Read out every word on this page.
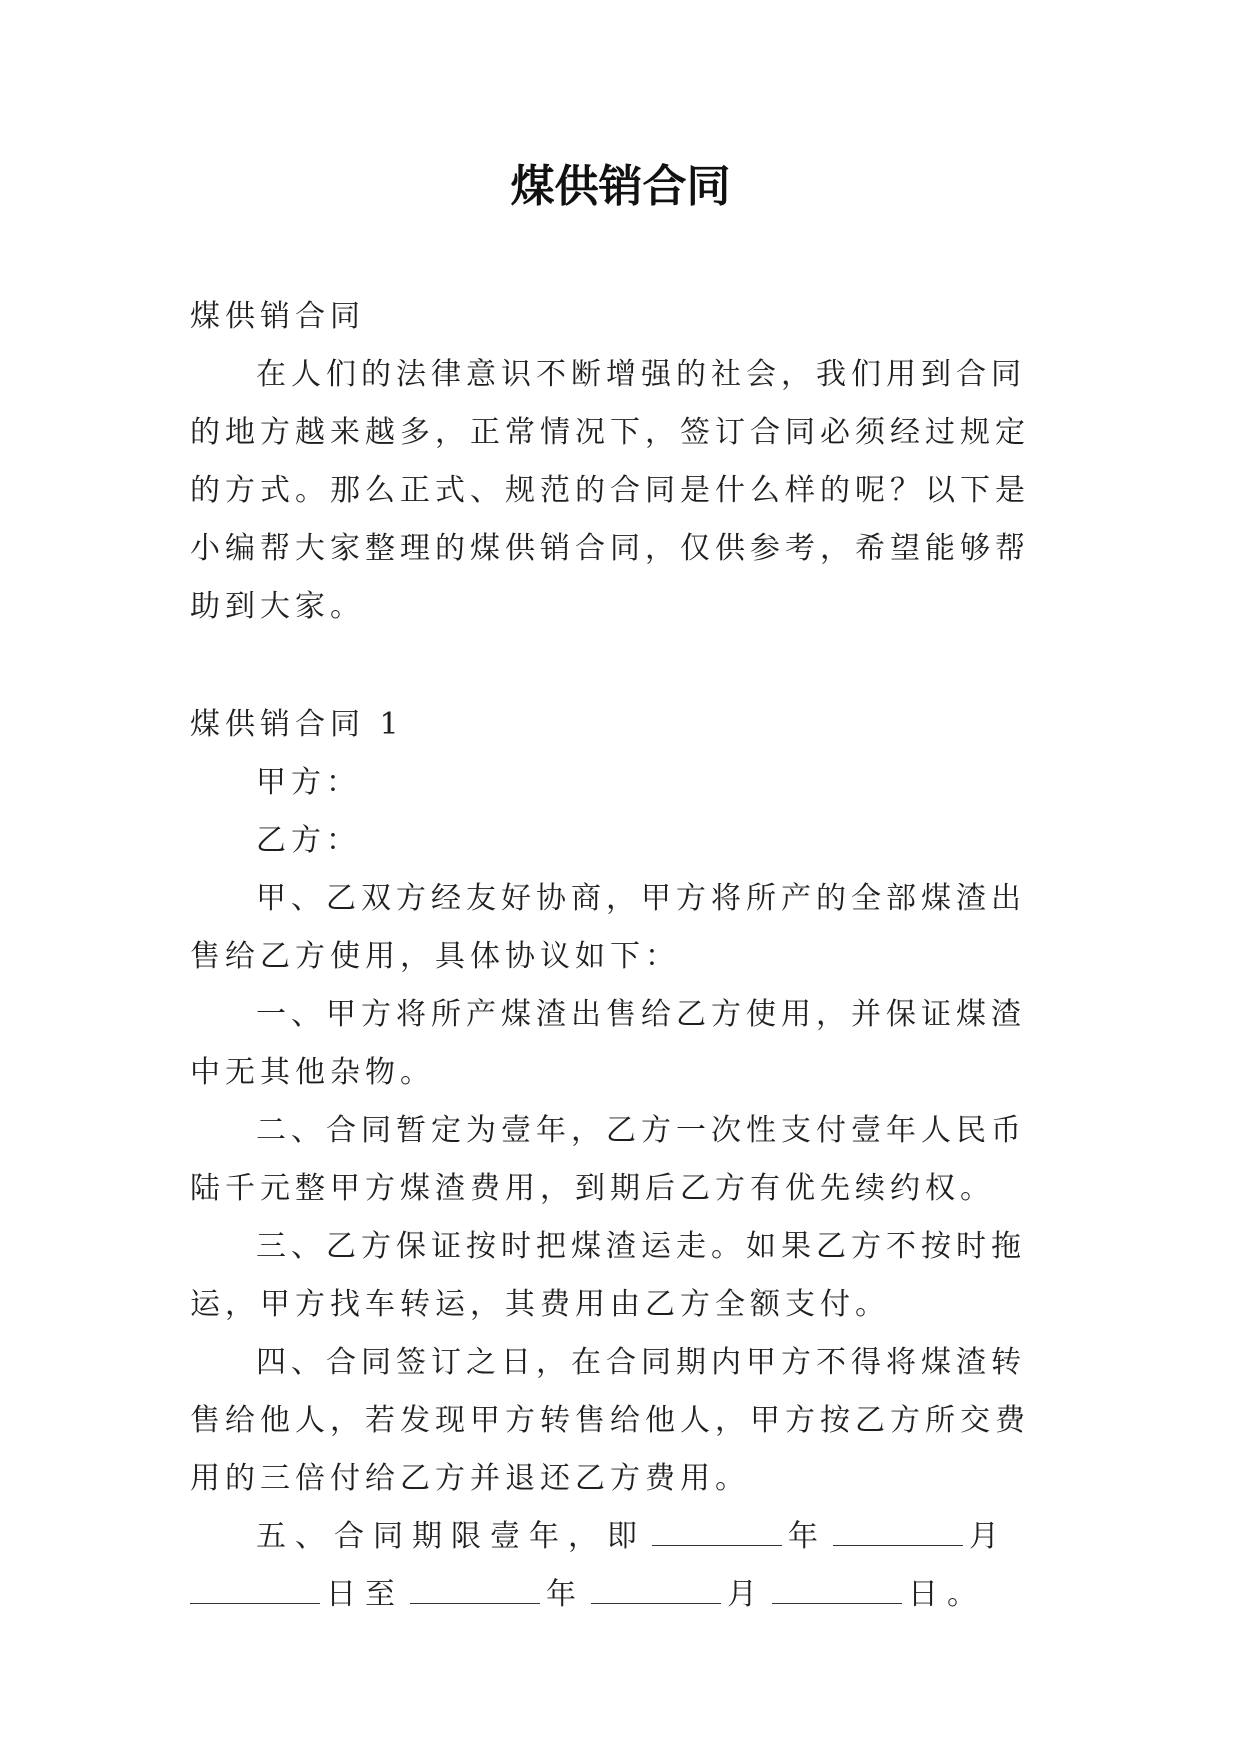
煤供销合同

煤供销合同

在人们的法律意识不断增强的社会，我们用到合同的地方越来越多，正常情况下，签订合同必须经过规定的方式。那么正式、规范的合同是什么样的呢？以下是小编帮大家整理的煤供销合同，仅供参考，希望能够帮助到大家。

煤供销合同 1

甲方：

乙方：

甲、乙双方经友好协商，甲方将所产的全部煤渣出售给乙方使用，具体协议如下：

一、甲方将所产煤渣出售给乙方使用，并保证煤渣中无其他杂物。

二、合同暂定为壹年，乙方一次性支付壹年人民币陆千元整甲方煤渣费用，到期后乙方有优先续约权。

三、乙方保证按时把煤渣运走。如果乙方不按时拖运，甲方找车转运，其费用由乙方全额支付。

四、合同签订之日，在合同期内甲方不得将煤渣转售给他人，若发现甲方转售给他人，甲方按乙方所交费用的三倍付给乙方并退还乙方费用。

五、合同期限壹年，即	年	月日至	年	月	日。
